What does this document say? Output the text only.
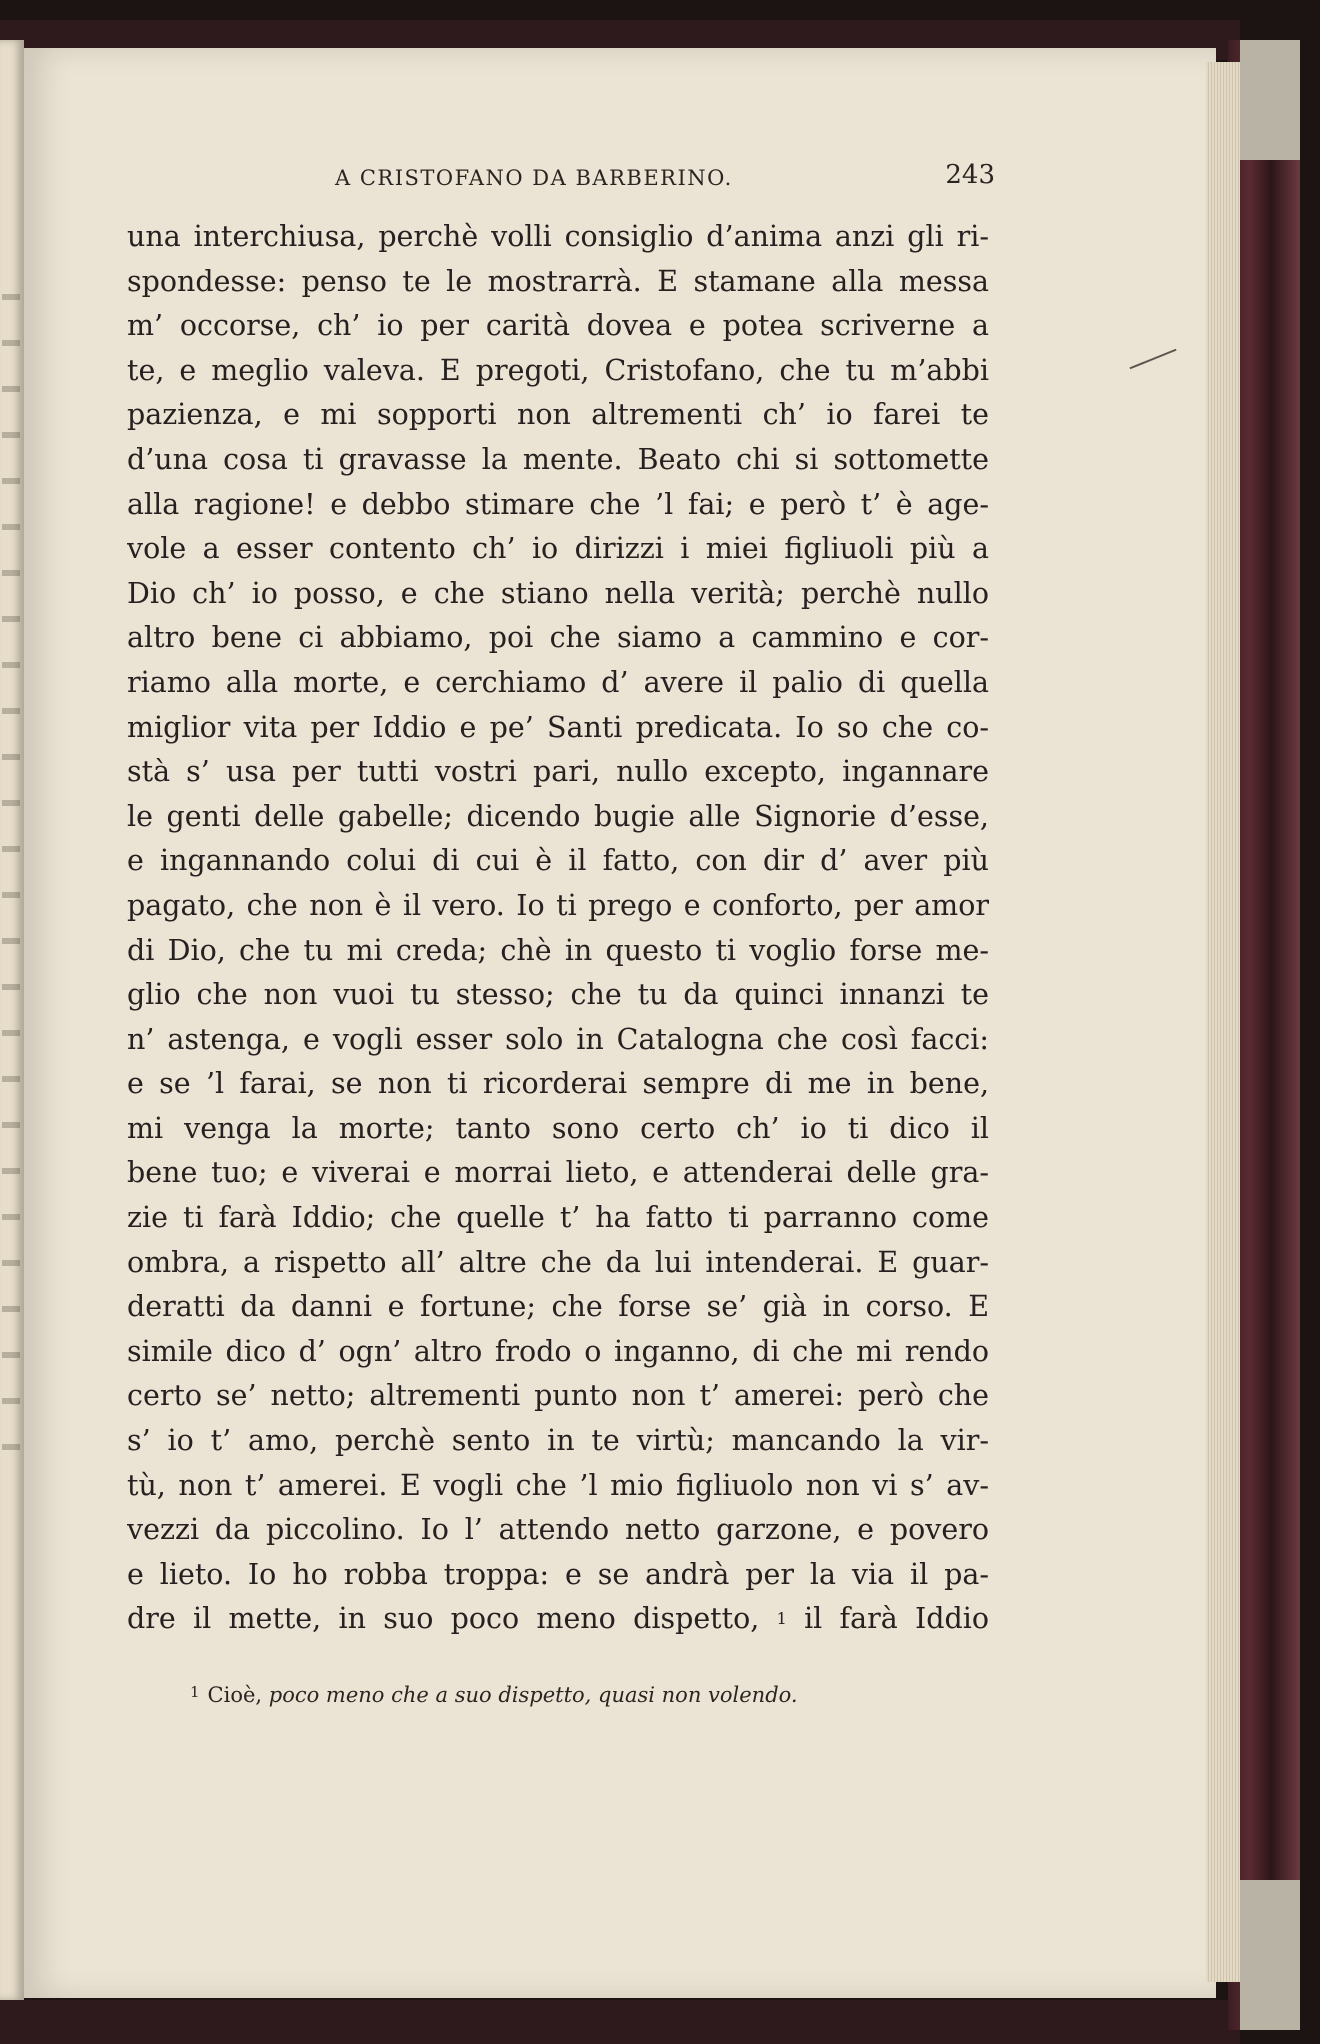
A CRISTOFANO DA BARBERINO.	243
una interchiusa, perchè volli consiglio d’anima anzi gli ri-
spondesse: penso te le mostrarrà. E stamane alla messa
m’ occorse, ch’ io per carità dovea e potea scriverne a
te, e meglio valeva. E pregoti, Cristofano, che tu m’abbi
pazienza, e mi sopporti non altrementi ch’ io farei te
d’una cosa ti gravasse la mente. Beato chi si sottomette
alla ragione! e debbo stimare che ’l fai; e però t’ è age-
vole a esser contento ch’ io dirizzi i miei figliuoli più a
Dio ch’ io posso, e che stiano nella verità; perchè nullo
altro bene ci abbiamo, poi che siamo a cammino e cor-
riamo alla morte, e cerchiamo d’ avere il palio di quella
miglior vita per Iddio e pe’ Santi predicata. Io so che co-
stà s’ usa per tutti vostri pari, nullo excepto, ingannare
le genti delle gabelle; dicendo bugie alle Signorie d’esse,
e ingannando colui di cui è il fatto, con dir d’ aver più
pagato, che non è il vero. Io ti prego e conforto, per amor
di Dio, che tu mi creda; chè in questo ti voglio forse me-
glio che non vuoi tu stesso; che tu da quinci innanzi te
n’ astenga, e vogli esser solo in Catalogna che così facci:
e se ’l farai, se non ti ricorderai sempre di me in bene,
mi venga la morte; tanto sono certo ch’ io ti dico il
bene tuo; e viverai e morrai lieto, e attenderai delle gra-
zie ti farà Iddio; che quelle t’ ha fatto ti parranno come
ombra, a rispetto all’ altre che da lui intenderai. E guar-
deratti da danni e fortune; che forse se’ già in corso. E
simile dico d’ ogn’ altro frodo o inganno, di che mi rendo
certo se’ netto; altrementi punto non t’ amerei: però che
s’ io t’ amo, perchè sento in te virtù; mancando la vir-
tù, non t’ amerei. E vogli che ’l mio figliuolo non vi s’ av-
vezzi da piccolino. Io l’ attendo netto garzone, e povero
e lieto. Io ho robba troppa: e se andrà per la via il pa-
dre il mette, in suo poco meno dispetto, $^1$ il farà Iddio
$^1$ Cioè, poco meno che a suo dispetto, quasi non volendo.
